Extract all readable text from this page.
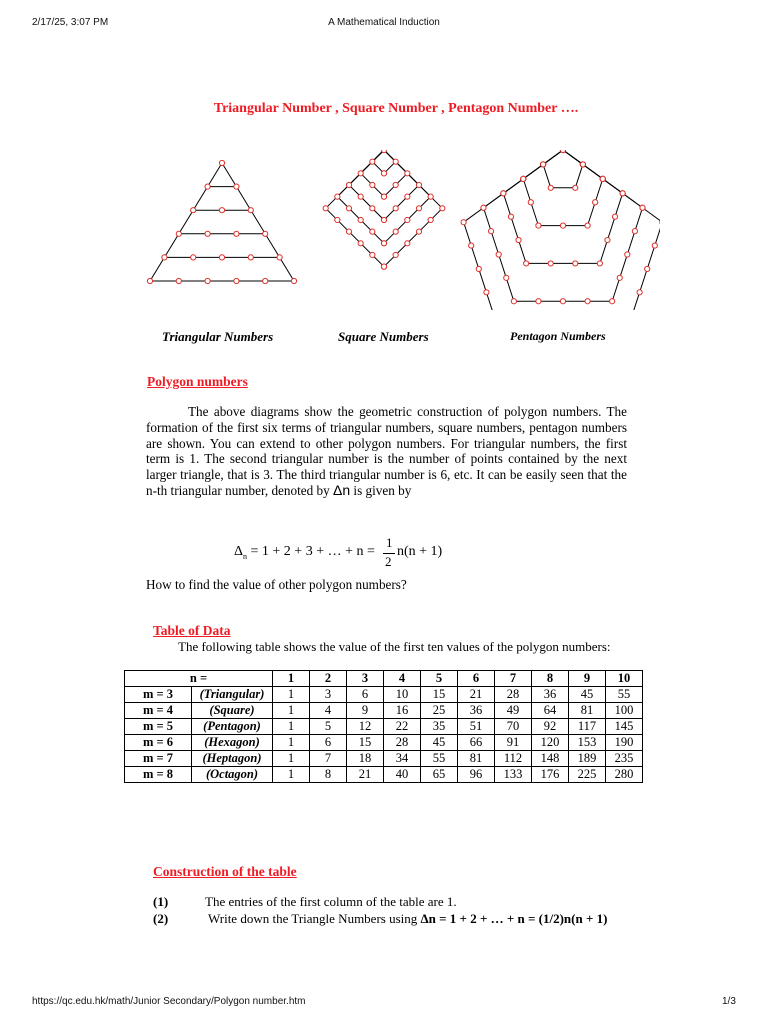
2/17/25, 3:07 PM	A Mathematical Induction
https://qc.edu.hk/math/Junior Secondary/Polygon number.htm	1/3
Triangular Number , Square Number , Pentagon Number ….
Triangular Numbers	Square Numbers	Pentagon Numbers
Polygon numbers
The above diagrams show the geometric construction of polygon numbers. The formation of the first six terms of triangular numbers, square numbers, pentagon numbers are shown. You can extend to other polygon numbers. For triangular numbers, the first term is 1. The second triangular number is the number of points contained by the next larger triangle, that is 3. The third triangular number is 6, etc. It can be easily seen that the n-th triangular number, denoted by Δn is given by
$\Delta_n = 1 + 2 + 3$ + … + n =
1
2
n(n + 1)
How to find the value of other polygon numbers?
Table of Data
The following table shows the value of the first ten values of the polygon numbers:
n =		1	2	3	4	5	6	7	8	9	10
m = 3	(Triangular)	1	3	6	10	15	21	28	36	45	55
m = 4	(Square)	1	4	9	16	25	36	49	64	81	100
m = 5	(Pentagon)	1	5	12	22	35	51	70	92	117	145
m = 6	(Hexagon)	1	6	15	28	45	66	91	120	153	190
m = 7	(Heptagon)	1	7	18	34	55	81	112	148	189	235
m = 8	(Octagon)	1	8	21	40	65	96	133	176	225	280
Construction of the table
(1)	The entries of the first column of the table are 1.
(2)	Write down the Triangle Numbers using Δn = 1 + 2 + … + n = (1/2)n(n + 1)
